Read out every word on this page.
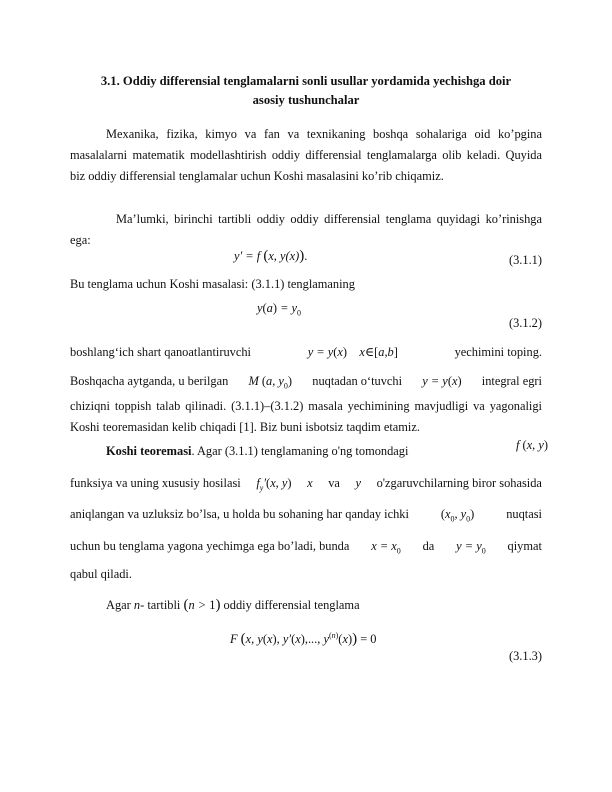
3.1. Oddiy differensial tenglamalarni sonli usullar yordamida yechishga doir
asosiy tushunchalar

Mexanika, fizika, kimyo va fan va texnikaning boshqa sohalariga oid ko’pgina masalalarni matematik modellashtirish oddiy differensial tenglamalarga olib keladi. Quyida biz oddiy differensial tenglamalar uchun Koshi masalasini ko’rib chiqamiz.

Ma’lumki, birinchi tartibli oddiy oddiy differensial tenglama quyidagi ko’rinishga ega:

y′ = f (x, y(x)).	(3.1.1)
Bu tenglama uchun Koshi masalasi: (3.1.1) tenglamaning
$y(a) = y_0$
(3.1.2)
boshlang‘ich shart qanoatlantiruvchi	y = y(x)    x∈[a,b]	yechimini toping.
Boshqacha aytganda, u berilgan M (a, $y_0$) nuqtadan o‘tuvchi y = y(x) integral egri

chiziqni toppish talab qilinadi. (3.1.1)–(3.1.2) masala yechimining mavjudligi va yagonaligi Koshi teoremasidan kelib chiqadi [1]. Biz buni isbotsiz taqdim etamiz.

Koshi teoremasi. Agar (3.1.1) tenglamaning o'ng tomondagi	f (x, y)
funksiya va uning xususiy hosilasi $f_y'(x$, y) x va y o'zgaruvchilarning biror sohasida
aniqlangan va uzluksiz bo’lsa, u holda bu sohaning har qanday ichki	($x_0$, $y_0$)	nuqtasi
uchun bu tenglama yagona yechimga ega bo’ladi, bunda $x = x_0$ da $y = y_0$ qiymat
qabul qiladi.
Agar n- tartibli (n > 1) oddiy differensial tenglama
F (x, y(x), y′(x),..., $y^{(n)}(x)) = 0$
(3.1.3)
